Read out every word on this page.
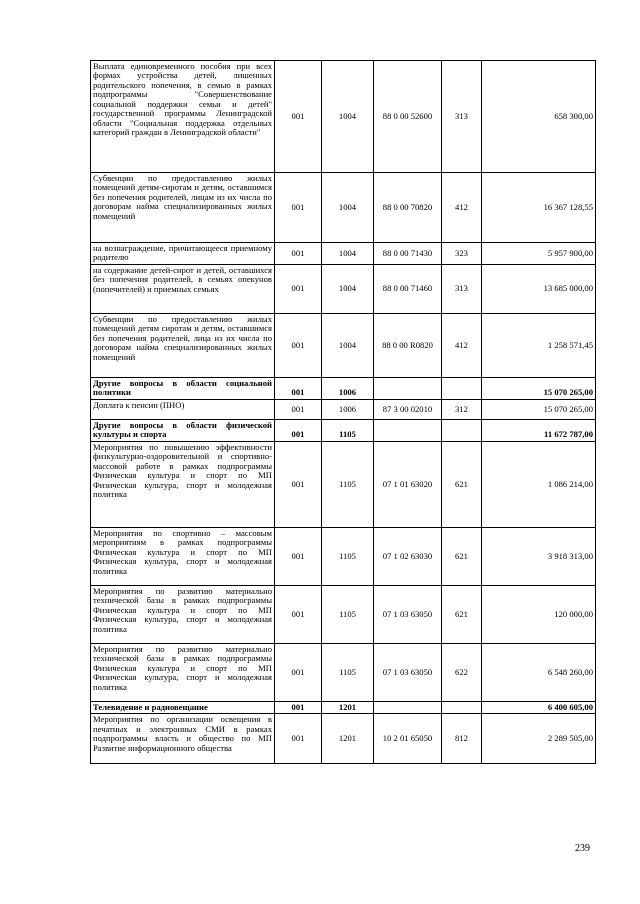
Выплата единовременного пособия при всех формах устройства детей, лишенных родительского попечения, в семью в рамках подпрограммы "Совершенствование социальной поддержки семьи и детей" государственной программы Ленинградской области "Социальная поддержка отдельных категорий граждан в Ленинградской области"	001	1004	88 0 00 52600	313	658 300,00
Субвенции по предоставлению жилых помещений детям-сиротам и детям, оставшимся без попечения родителей, лицам из их числа по договорам найма специализированных жилых помещений	001	1004	88 0 00 70820	412	16 367 128,55
на вознаграждение, причитающееся приемному родителю	001	1004	88 0 00 71430	323	5 957 900,00
на содержание детей-сирот и детей, оставшихся без попечения родителей, в семьях опекунов (попечителей) и приемных семьях	001	1004	88 0 00 71460	313	13 685 000,00
Субвенции по предоставлению жилых помещений детям сиротам и детям, оставшимся без попечения родителей, лица из их числа по договорам найма специализированных жилых помещений	001	1004	88 0 00 R0820	412	1 258 571,45
Другие вопросы в области социальной политики	001	1006			15 070 265,00
Доплата к пенсии (ПНО)	001	1006	87 3 00 02010	312	15 070 265,00
Другие вопросы в области физической культуры и спорта	001	1105			11 672 787,00
Мероприятия по повышению эффективности физкультурно-оздоровительной и спортивно-массовой работе в рамках подпрограммы Физическая культура и спорт по МП Физическая культура, спорт и молодежная политика	001	1105	07 1 01 63020	621	1 086 214,00
Мероприятия по спортивно – массовым мероприятиям в рамках подпрограммы Физическая культура и спорт по МП Физическая культура, спорт и молодежная политика	001	1105	07 1 02 63030	621	3 918 313,00
Мероприятия по развитию материально технической базы в рамках подпрограммы Физическая культура и спорт по МП Физическая культура, спорт и молодежная политика	001	1105	07 1 03 63050	621	120 000,00
Мероприятия по развитию материально технической базы в рамках подпрограммы Физическая культура и спорт по МП Физическая культура, спорт и молодежная политика	001	1105	07 1 03 63050	622	6 548 260,00
Телевидение и радиовещание	001	1201			6 400 605,00
Мероприятия по организации освещения в печатных и электронных СМИ в рамках подпрограммы власть и общество по МП Развитие информационного общества	001	1201	10 2 01 65050	812	2 289 505,00
239
